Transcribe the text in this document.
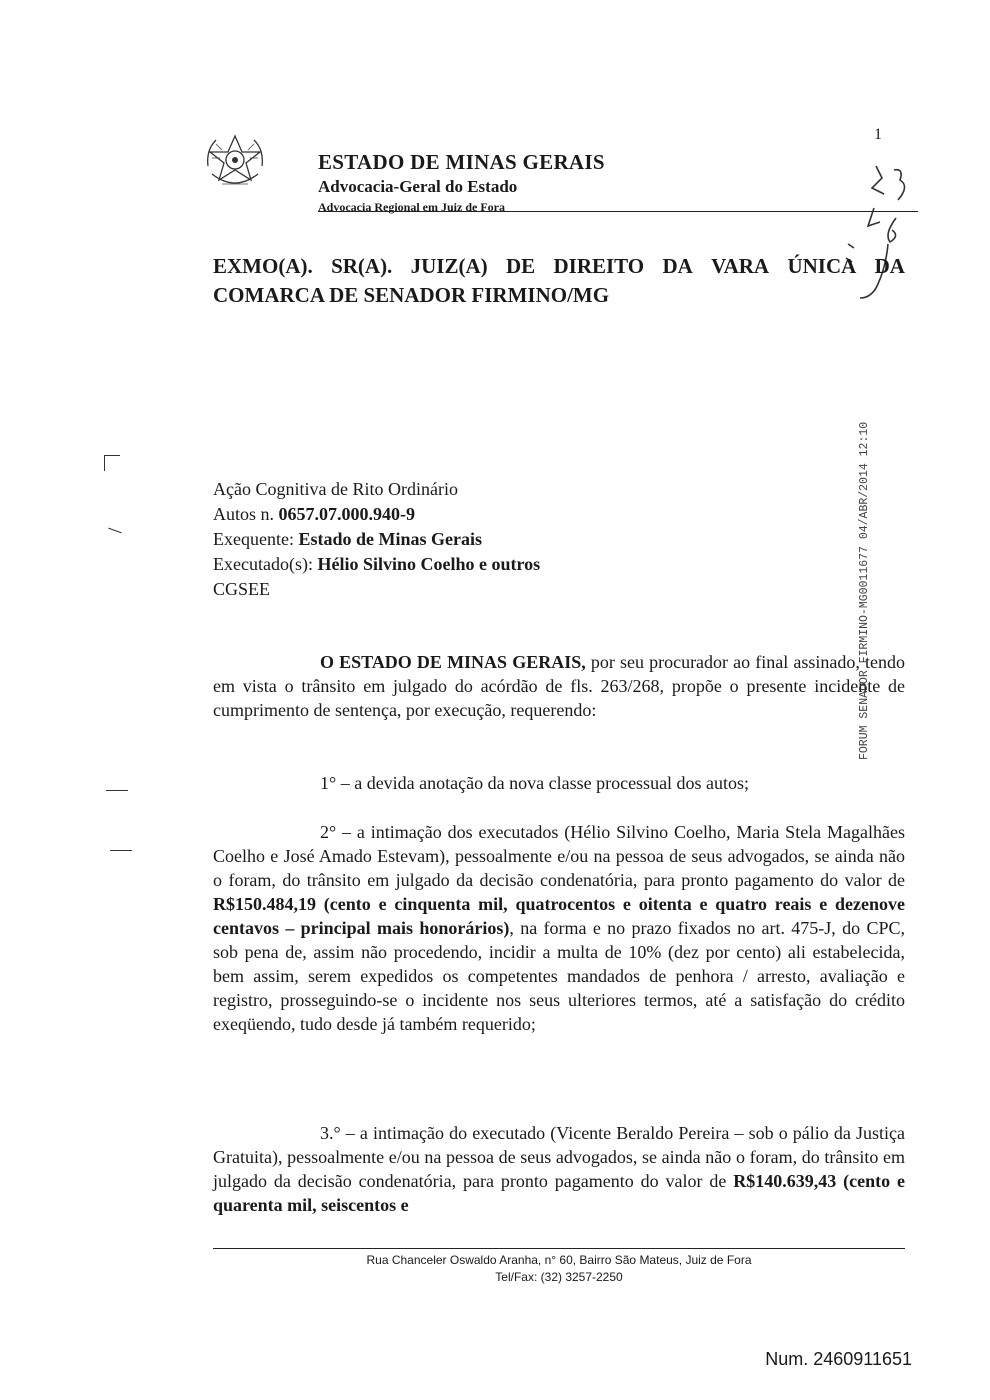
ESTADO DE MINAS GERAIS
Advocacia-Geral do Estado
Advocacia Regional em Juiz de Fora
1
EXMO(A). SR(A). JUIZ(A) DE DIREITO DA VARA ÚNICA DA
COMARCA DE SENADOR FIRMINO/MG
Ação Cognitiva de Rito Ordinário
Autos n. 0657.07.000.940-9
Exequente: Estado de Minas Gerais
Executado(s): Hélio Silvino Coelho e outros
CGSEE
O ESTADO DE MINAS GERAIS, por seu procurador ao final assinado, tendo em vista o trânsito em julgado do acórdão de fls. 263/268, propõe o presente incidente de cumprimento de sentença, por execução, requerendo:
1° – a devida anotação da nova classe processual dos autos;
2° – a intimação dos executados (Hélio Silvino Coelho, Maria Stela Magalhães Coelho e José Amado Estevam), pessoalmente e/ou na pessoa de seus advogados, se ainda não o foram, do trânsito em julgado da decisão condenatória, para pronto pagamento do valor de R$150.484,19 (cento e cinquenta mil, quatrocentos e oitenta e quatro reais e dezenove centavos – principal mais honorários), na forma e no prazo fixados no art. 475-J, do CPC, sob pena de, assim não procedendo, incidir a multa de 10% (dez por cento) ali estabelecida, bem assim, serem expedidos os competentes mandados de penhora / arresto, avaliação e registro, prosseguindo-se o incidente nos seus ulteriores termos, até a satisfação do crédito exeqüendo, tudo desde já também requerido;
3.° – a intimação do executado (Vicente Beraldo Pereira – sob o pálio da Justiça Gratuita), pessoalmente e/ou na pessoa de seus advogados, se ainda não o foram, do trânsito em julgado da decisão condenatória, para pronto pagamento do valor de R$140.639,43 (cento e quarenta mil, seiscentos e
FORUM SENADOR FIRMINO-MG0011677 04/ABR/2014 12:10
Rua Chanceler Oswaldo Aranha, n° 60, Bairro São Mateus, Juiz de Fora
Tel/Fax: (32) 3257-2250
Num. 2460911651
